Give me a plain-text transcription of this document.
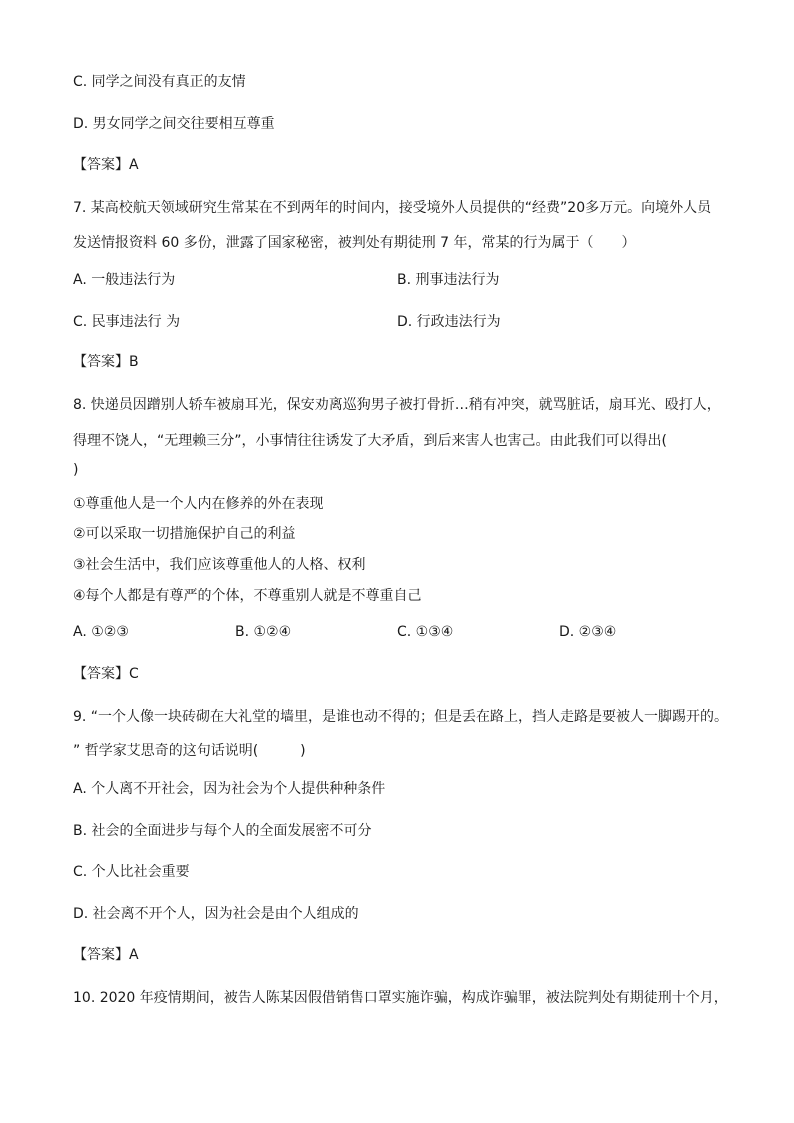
C. 同学之间没有真正的友情
D. 男女同学之间交往要相互尊重
【答案】A
7. 某高校航天领域研究生常某在不到两年的时间内，接受境外人员提供的“经费”20多万元。向境外人员
发送情报资料 60 多份，泄露了国家秘密，被判处有期徒刑 7 年，常某的行为属于（　　）
A. 一般违法行为	B. 刑事违法行为
C. 民事违法行 为	D. 行政违法行为
【答案】B
8. 快递员因蹭别人轿车被扇耳光，保安劝离巡狗男子被打骨折…稍有冲突，就骂脏话，扇耳光、殴打人，
得理不饶人，“无理赖三分”，小事情往往诱发了大矛盾，到后来害人也害己。由此我们可以得出(
)
①尊重他人是一个人内在修养的外在表现
②可以采取一切措施保护自己的利益
③社会生活中，我们应该尊重他人的人格、权利
④每个人都是有尊严的个体，不尊重别人就是不尊重自己
A. ①②③	B. ①②④	C. ①③④	D. ②③④
【答案】C
9. “一个人像一块砖砌在大礼堂的墙里，是谁也动不得的；但是丢在路上，挡人走路是要被人一脚踢开的。
” 哲学家艾思奇的这句话说明(　　　)
A. 个人离不开社会，因为社会为个人提供种种条件
B. 社会的全面进步与每个人的全面发展密不可分
C. 个人比社会重要
D. 社会离不开个人，因为社会是由个人组成的
【答案】A
10. 2020 年疫情期间，被告人陈某因假借销售口罩实施诈骗，构成诈骗罪，被法院判处有期徒刑十个月，
